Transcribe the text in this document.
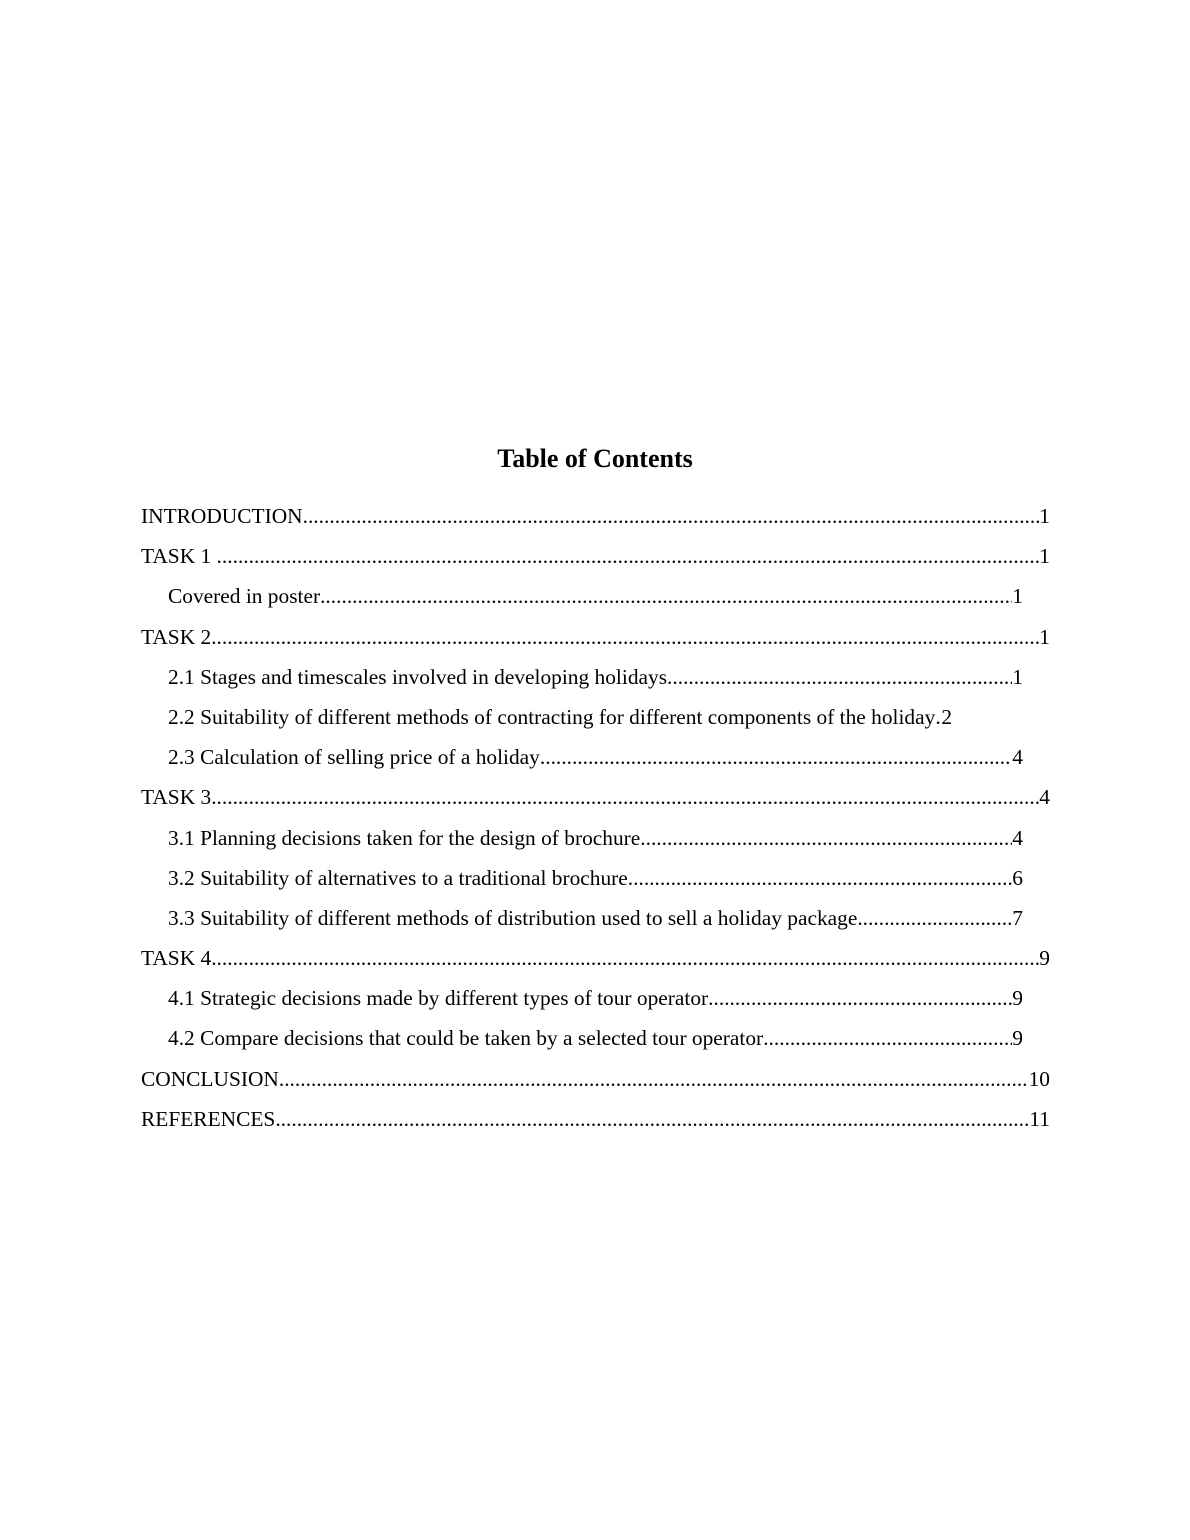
Table of Contents
INTRODUCTION .....	1
TASK 1 .....	1
Covered in poster .....	1
TASK 2 .....	1
2.1 Stages and timescales involved in developing holidays .....	1
2.2 Suitability of different methods of contracting for different components of the holiday ..... 2
2.3 Calculation of selling price of a holiday .....	4
TASK 3 .....	4
3.1 Planning decisions taken for the design of brochure .....	4
3.2 Suitability of alternatives to a traditional brochure .....	6
3.3 Suitability of different methods of distribution used to sell a holiday package .....	7
TASK 4 .....	9
4.1 Strategic decisions made by different types of tour operator .....	9
4.2 Compare decisions that could be taken by a selected tour operator .....	9
CONCLUSION .....	10
REFERENCES .....	11
